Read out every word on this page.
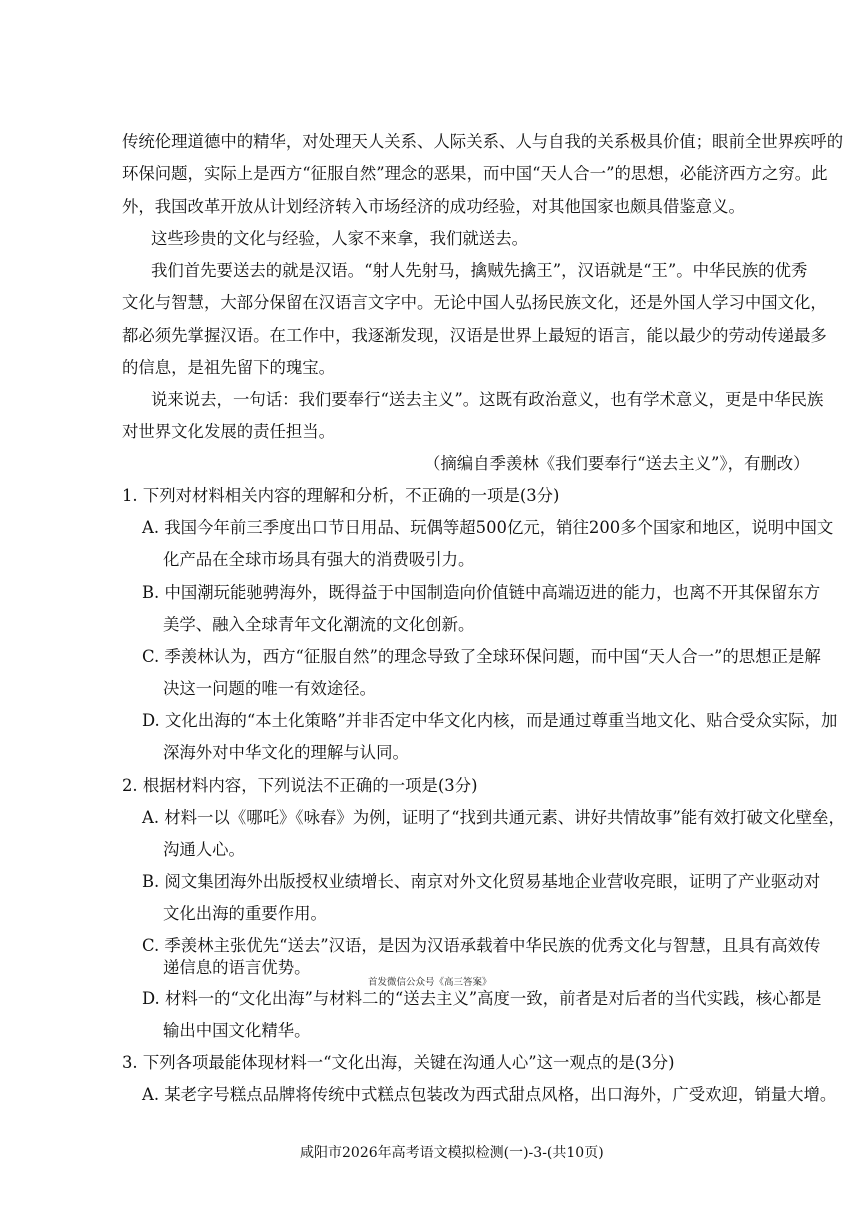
传统伦理道德中的精华，对处理天人关系、人际关系、人与自我的关系极具价值；眼前全世界疾呼的
环保问题，实际上是西方“征服自然”理念的恶果，而中国“天人合一”的思想，必能济西方之穷。此
外，我国改革开放从计划经济转入市场经济的成功经验，对其他国家也颇具借鉴意义。
这些珍贵的文化与经验，人家不来拿，我们就送去。
我们首先要送去的就是汉语。“射人先射马，擒贼先擒王”，汉语就是“王”。中华民族的优秀
文化与智慧，大部分保留在汉语言文字中。无论中国人弘扬民族文化，还是外国人学习中国文化，
都必须先掌握汉语。在工作中，我逐渐发现，汉语是世界上最短的语言，能以最少的劳动传递最多
的信息，是祖先留下的瑰宝。
说来说去，一句话：我们要奉行“送去主义”。这既有政治意义，也有学术意义，更是中华民族
对世界文化发展的责任担当。
（摘编自季羡林《我们要奉行“送去主义”》，有删改）
1. 下列对材料相关内容的理解和分析，不正确的一项是(3分)
A. 我国今年前三季度出口节日用品、玩偶等超500亿元，销往200多个国家和地区，说明中国文
化产品在全球市场具有强大的消费吸引力。
B. 中国潮玩能驰骋海外，既得益于中国制造向价值链中高端迈进的能力，也离不开其保留东方
美学、融入全球青年文化潮流的文化创新。
C. 季羡林认为，西方“征服自然”的理念导致了全球环保问题，而中国“天人合一”的思想正是解
决这一问题的唯一有效途径。
D. 文化出海的“本土化策略”并非否定中华文化内核，而是通过尊重当地文化、贴合受众实际，加
深海外对中华文化的理解与认同。
2. 根据材料内容，下列说法不正确的一项是(3分)
A. 材料一以《哪吒》《咏春》为例，证明了“找到共通元素、讲好共情故事”能有效打破文化壁垒，
沟通人心。
B. 阅文集团海外出版授权业绩增长、南京对外文化贸易基地企业营收亮眼，证明了产业驱动对
文化出海的重要作用。
C. 季羡林主张优先“送去”汉语，是因为汉语承载着中华民族的优秀文化与智慧，且具有高效传
递信息的语言优势。
首发微信公众号《高三答案》
D. 材料一的“文化出海”与材料二的“送去主义”高度一致，前者是对后者的当代实践，核心都是
输出中国文化精华。
3. 下列各项最能体现材料一“文化出海，关键在沟通人心”这一观点的是(3分)
A. 某老字号糕点品牌将传统中式糕点包装改为西式甜点风格，出口海外，广受欢迎，销量大增。
咸阳市2026年高考语文模拟检测(一)-3-(共10页)
